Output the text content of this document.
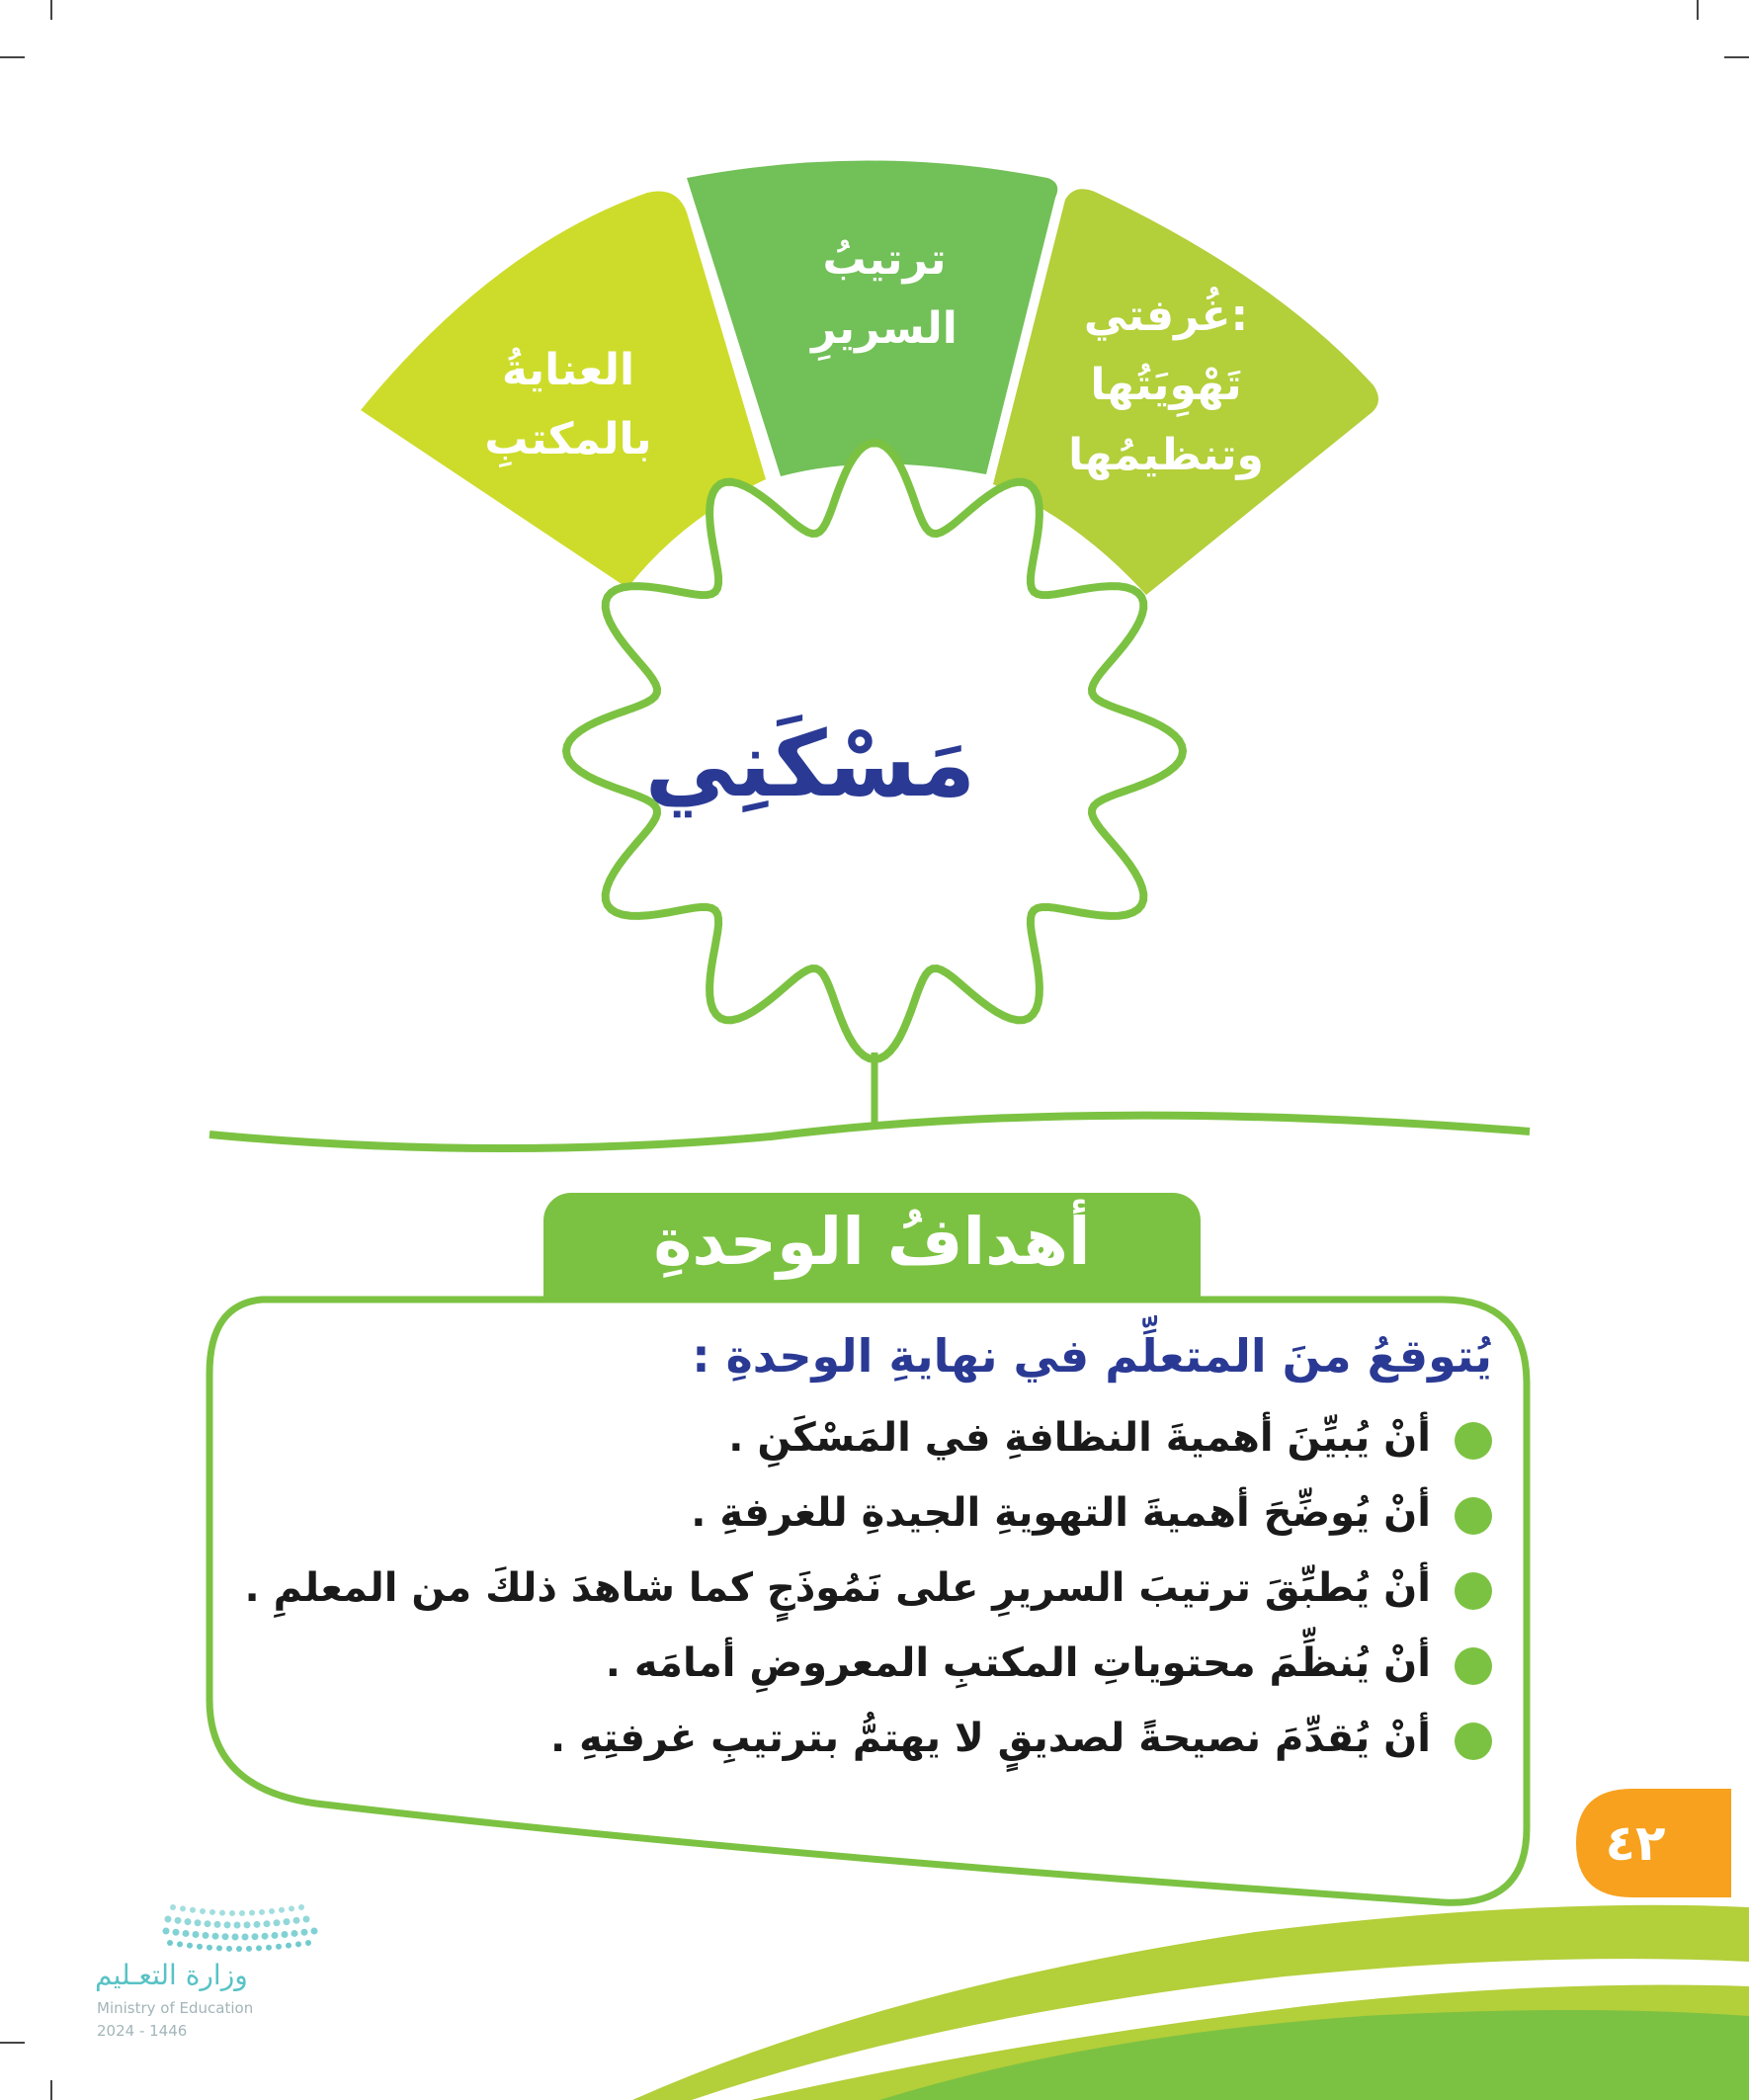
العنايةُ
بالمكتبِ
ترتيبُ
السريرِ	غُرفتي:
تَهْوِيَتُها
وتنظيمُها
مَسْكَنِي
أهدافُ الوحدةِ

يُتوقعُ منَ المتعلِّم في نهايةِ الوحدةِ :

أنْ يُبيِّنَ أهميةَ النظافةِ في المَسْكَنِ .
أنْ يُوضِّحَ أهميةَ التهويةِ الجيدةِ للغرفةِ .
أنْ يُطبِّقَ ترتيبَ السريرِ على نَمُوذَجٍ كما شاهدَ ذلكَ من المعلمِ .
أنْ يُنظِّمَ محتوياتِ المكتبِ المعروضِ أمامَه .
أنْ يُقدِّمَ نصيحةً لصديقٍ لا يهتمُّ بترتيبِ غرفتِهِ .
٤٢
وزارة التعـليم
Ministry of Education
2024 - 1446
